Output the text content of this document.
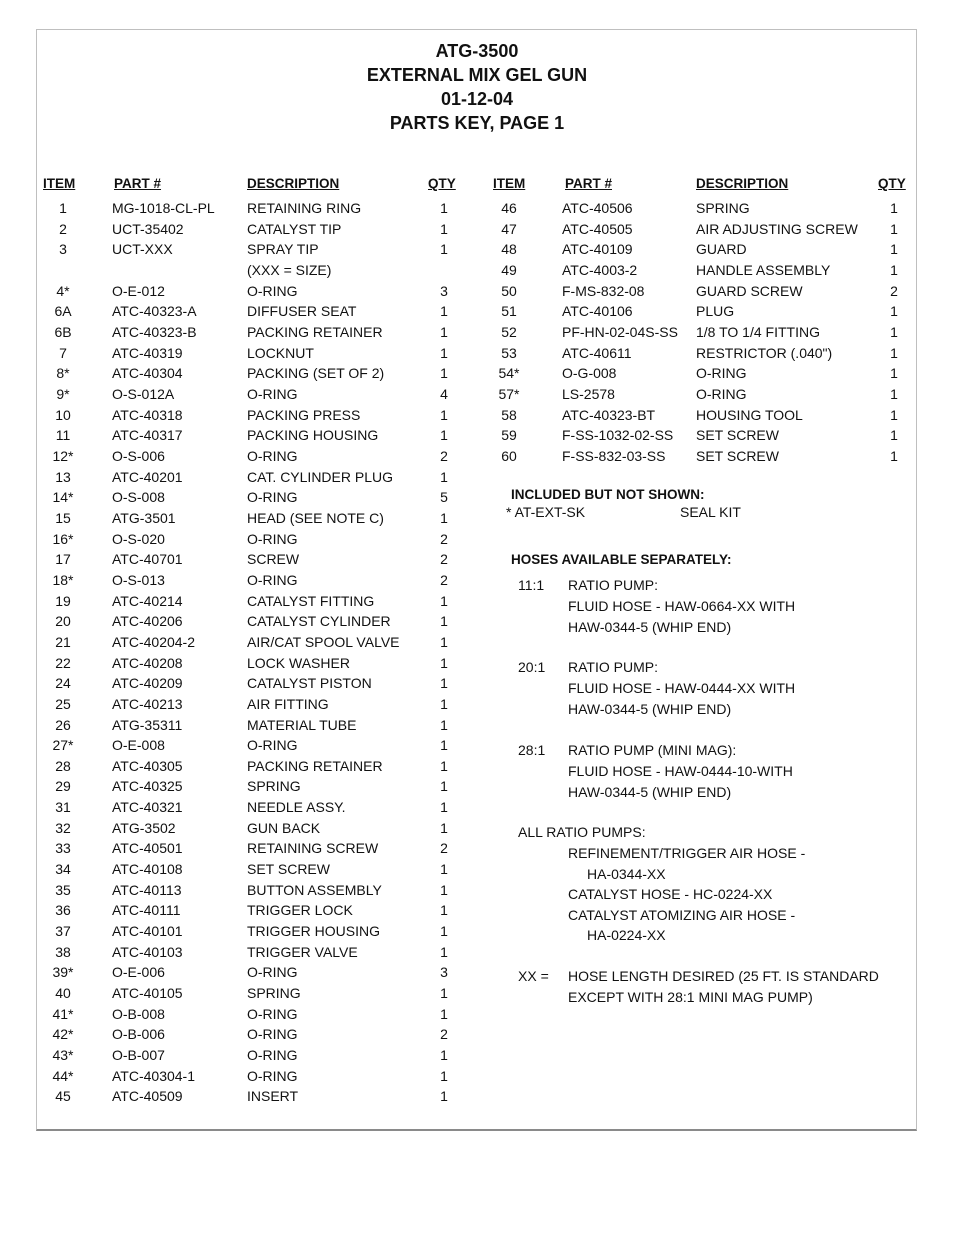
ATG-3500
EXTERNAL MIX GEL GUN
01-12-04
PARTS KEY, PAGE 1
ITEM	PART #	DESCRIPTION	QTY	ITEM	PART #	DESCRIPTION	QTY
1	MG-1018-CL-PL RETAINING RING	1
2	UCT-35402	CATALYST TIP	1
3	UCT-XXX	SPRAY TIP	1
(XXX = SIZE)
4*	O-E-012	O-RING	3
6A	ATC-40323-A	DIFFUSER SEAT	1
6B	ATC-40323-B	PACKING RETAINER	1
7	ATC-40319	LOCKNUT	1
8*	ATC-40304	PACKING (SET OF 2)	1
9*	O-S-012A	O-RING	4
10	ATC-40318	PACKING PRESS	1
11	ATC-40317	PACKING HOUSING	1
12*	O-S-006	O-RING	2
13	ATC-40201	CAT. CYLINDER PLUG	1
14*	O-S-008	O-RING	5
15	ATG-3501	HEAD (SEE NOTE C)	1
16*	O-S-020	O-RING	2
17	ATC-40701	SCREW	2
18*	O-S-013	O-RING	2
19	ATC-40214	CATALYST FITTING	1
20	ATC-40206	CATALYST CYLINDER	1
21	ATC-40204-2	AIR/CAT SPOOL VALVE	1
22	ATC-40208	LOCK WASHER	1
24	ATC-40209	CATALYST PISTON	1
25	ATC-40213	AIR FITTING	1
26	ATG-35311	MATERIAL TUBE	1
27*	O-E-008	O-RING	1
28	ATC-40305	PACKING RETAINER	1
29	ATC-40325	SPRING	1
31	ATC-40321	NEEDLE ASSY.	1
32	ATG-3502	GUN BACK	1
33	ATC-40501	RETAINING SCREW	2
34	ATC-40108	SET SCREW	1
35	ATC-40113	BUTTON ASSEMBLY	1
36	ATC-40111	TRIGGER LOCK	1
37	ATC-40101	TRIGGER HOUSING	1
38	ATC-40103	TRIGGER VALVE	1
39*	O-E-006	O-RING	3
40	ATC-40105	SPRING	1
41*	O-B-008	O-RING	1
42*	O-B-006	O-RING	2
43*	O-B-007	O-RING	1
44*	ATC-40304-1	O-RING	1
45	ATC-40509	INSERT	1
46	ATC-40506	SPRING	1
47	ATC-40505	AIR ADJUSTING SCREW	1
48	ATC-40109	GUARD	1
49	ATC-4003-2	HANDLE ASSEMBLY	1
50	F-MS-832-08	GUARD SCREW	2
51	ATC-40106	PLUG	1
52	PF-HN-02-04S-SS 1/8 TO 1/4 FITTING	1
53	ATC-40611	RESTRICTOR (.040")	1
54*	O-G-008	O-RING	1
57*	LS-2578	O-RING	1
58	ATC-40323-BT	HOUSING TOOL	1
59	F-SS-1032-02-SS SET SCREW	1
60	F-SS-832-03-SS SET SCREW	1
INCLUDED BUT NOT SHOWN:
* AT-EXT-SK	SEAL KIT
HOSES AVAILABLE SEPARATELY:
11:1 RATIO PUMP:
FLUID HOSE - HAW-0664-XX WITH
HAW-0344-5 (WHIP END)
20:1 RATIO PUMP:
FLUID HOSE - HAW-0444-XX WITH
HAW-0344-5 (WHIP END)
28:1 RATIO PUMP (MINI MAG):
FLUID HOSE - HAW-0444-10-WITH
HAW-0344-5 (WHIP END)
ALL RATIO PUMPS:
REFINEMENT/TRIGGER AIR HOSE -
HA-0344-XX
CATALYST HOSE - HC-0224-XX
CATALYST ATOMIZING AIR HOSE -
HA-0224-XX
XX = HOSE LENGTH DESIRED (25 FT. IS STANDARD
EXCEPT WITH 28:1 MINI MAG PUMP)
